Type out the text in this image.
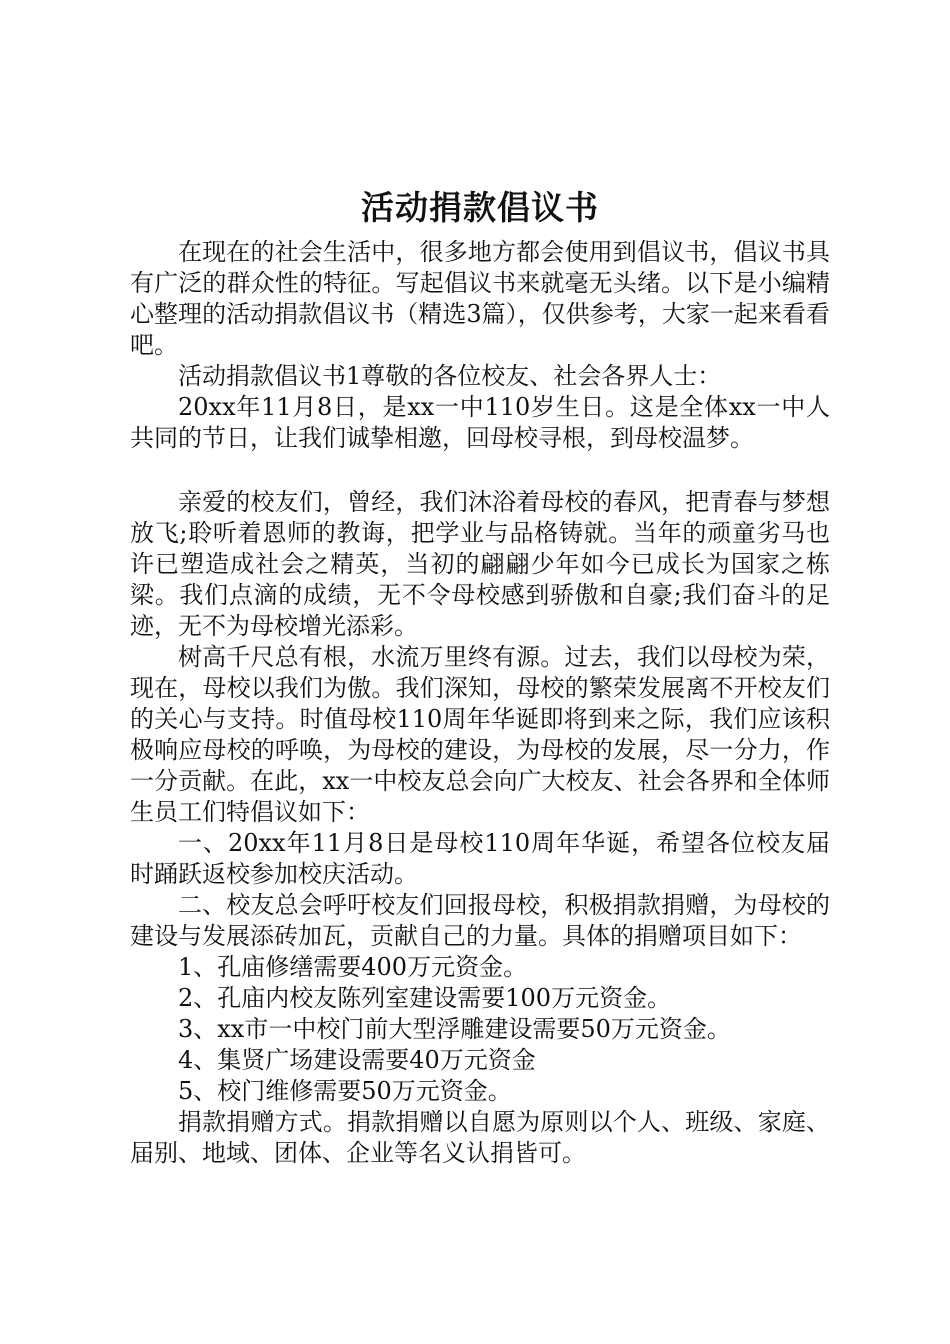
活动捐款倡议书

在现在的社会生活中，很多地方都会使用到倡议书，倡议书具有广泛的群众性的特征。写起倡议书来就毫无头绪。以下是小编精心整理的活动捐款倡议书（精选3篇），仅供参考，大家一起来看看吧。

活动捐款倡议书1尊敬的各位校友、社会各界人士：

20xx年11月8日，是xx一中110岁生日。这是全体xx一中人共同的节日，让我们诚挚相邀，回母校寻根，到母校温梦。

亲爱的校友们，曾经，我们沐浴着母校的春风，把青春与梦想放飞;聆听着恩师的教诲，把学业与品格铸就。当年的顽童劣马也许已塑造成社会之精英，当初的翩翩少年如今已成长为国家之栋梁。我们点滴的成绩，无不令母校感到骄傲和自豪;我们奋斗的足迹，无不为母校增光添彩。

树高千尺总有根，水流万里终有源。过去，我们以母校为荣，现在，母校以我们为傲。我们深知，母校的繁荣发展离不开校友们的关心与支持。时值母校110周年华诞即将到来之际，我们应该积极响应母校的呼唤，为母校的建设，为母校的发展，尽一分力，作一分贡献。在此，xx一中校友总会向广大校友、社会各界和全体师生员工们特倡议如下：

一、20xx年11月8日是母校110周年华诞，希望各位校友届时踊跃返校参加校庆活动。

二、校友总会呼吁校友们回报母校，积极捐款捐赠，为母校的建设与发展添砖加瓦，贡献自己的力量。具体的捐赠项目如下：

1、孔庙修缮需要400万元资金。

2、孔庙内校友陈列室建设需要100万元资金。

3、xx市一中校门前大型浮雕建设需要50万元资金。

4、集贤广场建设需要40万元资金

5、校门维修需要50万元资金。

捐款捐赠方式。捐款捐赠以自愿为原则以个人、班级、家庭、届别、地域、团体、企业等名义认捐皆可。
